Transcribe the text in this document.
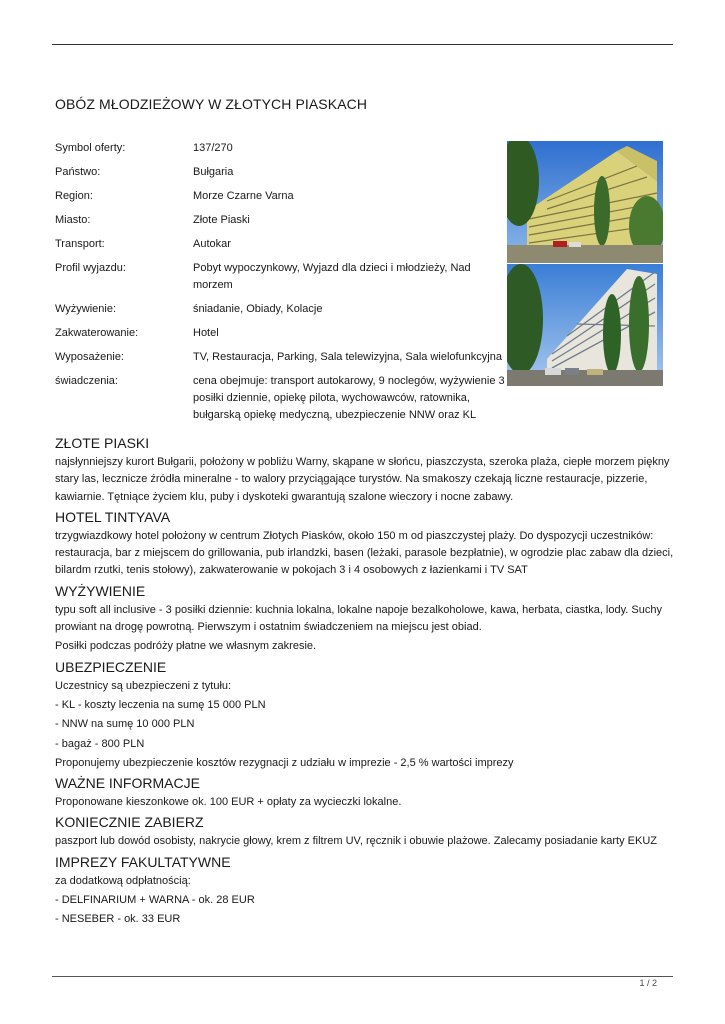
OBÓZ MŁODZIEŻOWY W ZŁOTYCH PIASKACH
Symbol oferty:	137/270
Państwo:	Bułgaria
Region:	Morze Czarne Varna
Miasto:	Złote Piaski
Transport:	Autokar
Profil wyjazdu:	Pobyt wypoczynkowy, Wyjazd dla dzieci i młodzieży, Nad morzem
Wyżywienie:	śniadanie, Obiady, Kolacje
Zakwaterowanie:	Hotel
Wyposażenie:	TV, Restauracja, Parking, Sala telewizyjna, Sala wielofunkcyjna
świadczenia:	cena obejmuje: transport autokarowy, 9 noclegów, wyżywienie 3 posiłki dziennie, opiekę pilota, wychowawców, ratownika, bułgarską opiekę medyczną, ubezpieczenie NNW oraz KL
ZŁOTE PIASKI
najsłynniejszy kurort Bułgarii, położony w pobliżu Warny, skąpane w słońcu, piaszczysta, szeroka plaża, ciepłe morzem piękny stary las, lecznicze źródła mineralne - to walory przyciągające turystów. Na smakoszy czekają liczne restauracje, pizzerie, kawiarnie. Tętniące życiem klu, puby i dyskoteki gwarantują szalone wieczory i nocne zabawy.
HOTEL TINTYAVA
trzygwiazdkowy hotel położony w centrum Złotych Piasków, około 150 m od piaszczystej plaży. Do dyspozycji uczestników: restauracja, bar z miejscem do grillowania, pub irlandzki, basen (leżaki, parasole bezpłatnie), w ogrodzie plac zabaw dla dzieci, bilardm rzutki, tenis stołowy), zakwaterowanie w pokojach 3 i 4 osobowych z łazienkami i TV SAT
WYŻYWIENIE
typu soft all inclusive - 3 posiłki dziennie: kuchnia lokalna, lokalne napoje bezalkoholowe, kawa, herbata, ciastka, lody. Suchy prowiant na drogę powrotną. Pierwszym i ostatnim świadczeniem na miejscu jest obiad.
Posiłki podczas podróży płatne we własnym zakresie.
UBEZPIECZENIE
Uczestnicy są ubezpieczeni z tytułu:
- KL - koszty leczenia na sumę 15 000 PLN
- NNW na sumę 10 000 PLN
- bagaż - 800 PLN
Proponujemy ubezpieczenie kosztów rezygnacji z udziału w imprezie - 2,5 % wartości imprezy
WAŻNE INFORMACJE
Proponowane kieszonkowe ok. 100 EUR + opłaty za wycieczki lokalne.
KONIECZNIE ZABIERZ
paszport lub dowód osobisty, nakrycie głowy, krem z filtrem UV, ręcznik i obuwie plażowe. Zalecamy posiadanie karty EKUZ
IMPREZY FAKULTATYWNE
za dodatkową odpłatnością:
- DELFINARIUM + WARNA - ok. 28 EUR
- NESEBER - ok. 33 EUR
1 / 2
